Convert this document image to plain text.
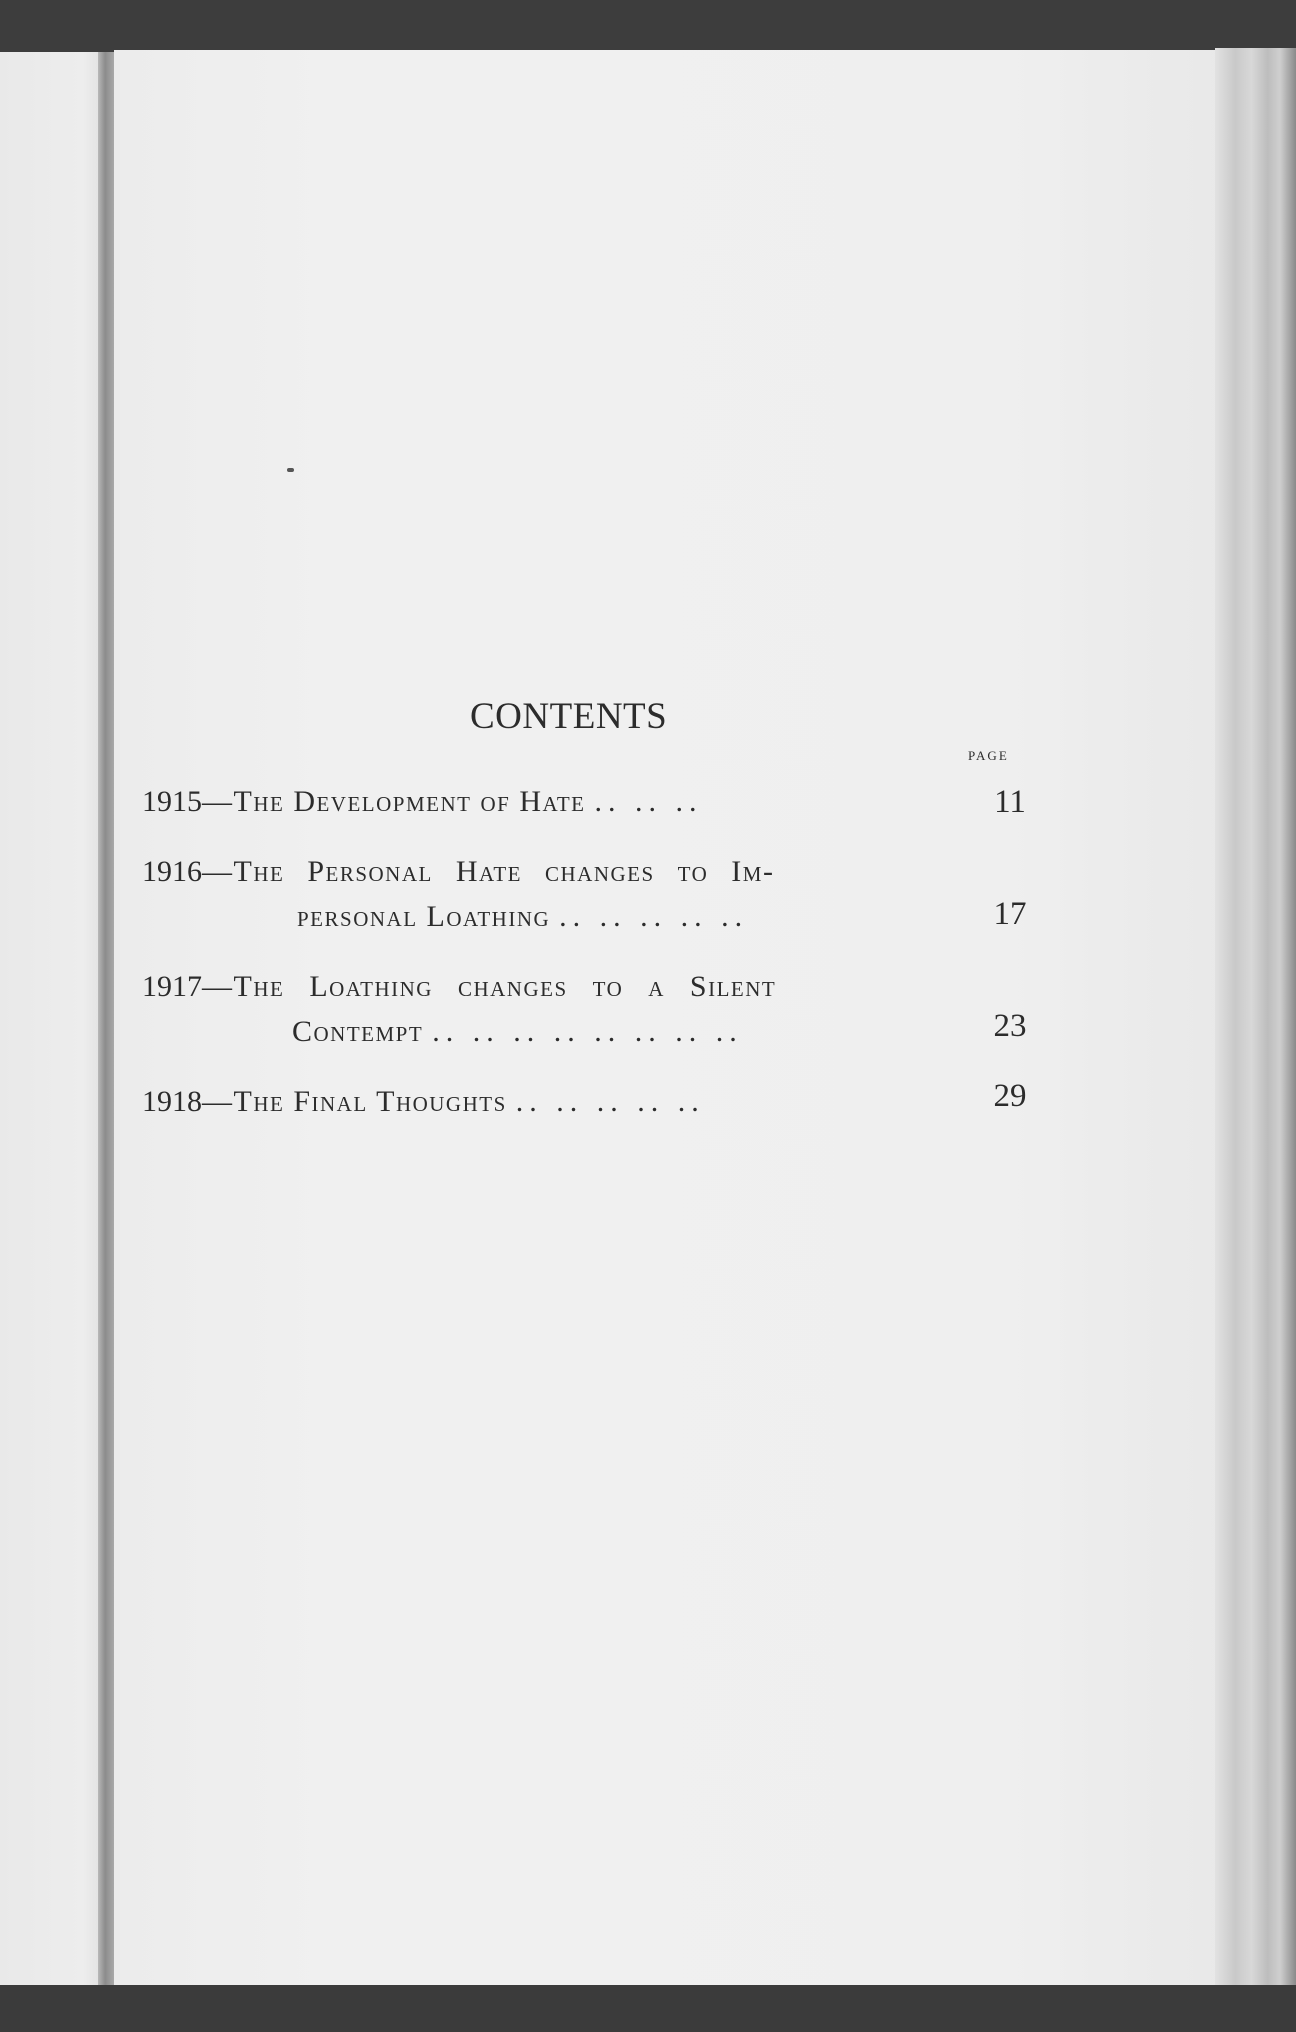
CONTENTS
PAGE
1915—The Development of Hate .. .. ..	11
1916—The Personal Hate changes to Im-
personal Loathing .. .. .. .. ..	17
1917—The Loathing changes to a Silent
Contempt .. .. .. .. .. .. .. ..	23
1918—The Final Thoughts .. .. .. .. ..	29
